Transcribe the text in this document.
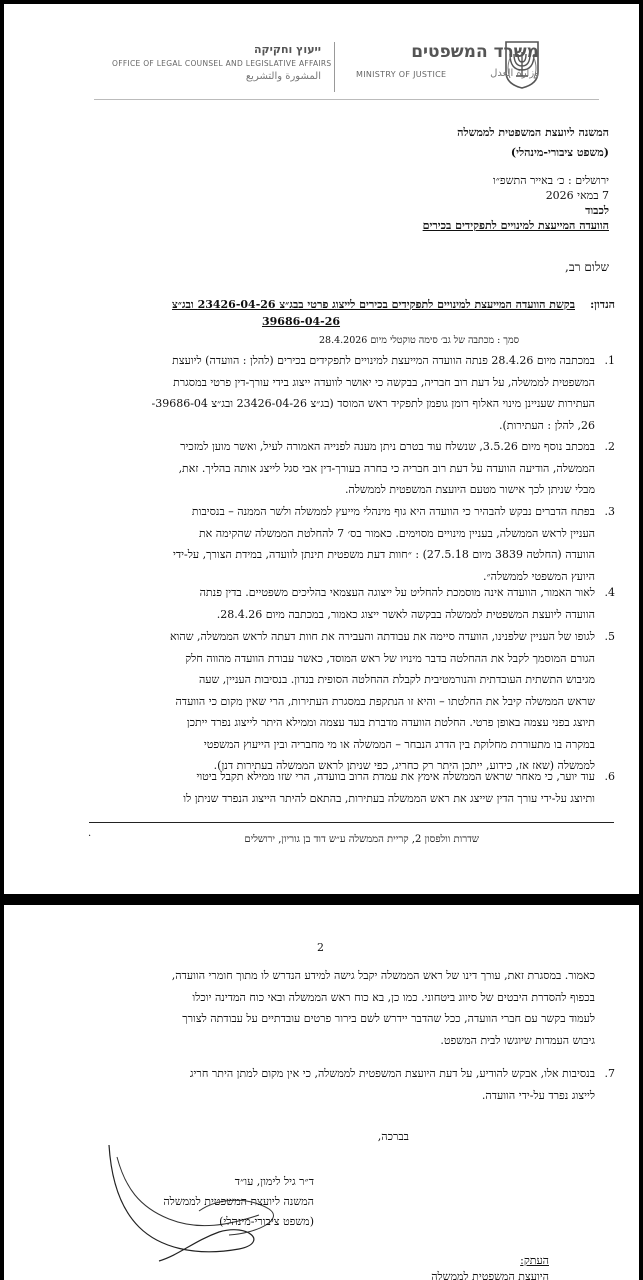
משרד המשפטים
MINISTRY OF JUSTICE	وزارة العدل
ייעוץ וחקיקה
OFFICE OF LEGAL COUNSEL AND LEGISLATIVE AFFAIRS
المشورة والتشريع
המשנה ליועצת המשפטית לממשלה
(משפט ציבורי-מינהלי)
ירושלים : כ׳ באייר התשפ״ו
7 במאי 2026
לכבוד
הוועדה המייעצת למינויים לתפקידים בכירים
שלום רב,
הנדון:
בקשת הוועדה המייעצת למינויים לתפקידים בכירים לייצוג פרטי בבג״צ 23426-04-26 ובג״צ
39686-04-26
סמך : מכתבה של גב׳ סימה טוקטלי מיום 28.4.2026
.1
במכתבה מיום 28.4.26 פנתה הוועדה המייעצת למינויים לתפקידים בכירים (להלן : הוועדה) ליועצת
המשפטית לממשלה, על דעת רוב חבריה, בבקשה כי יאושר לוועדה ייצוג בידי עורך-דין פרטי במסגרת
העתירות שעניינן מינוי האלוף רומן גופמן לתפקיד ראש המוסד (בג״צ 23426-04-26 ובג״צ 39686-04-
26, להלן : העתירות).
.2
במכתב נוסף מיום 3.5.26, שנשלח עוד בטרם ניתן מענה לפנייה האמורה לעיל, ואשר מוען למזכיר
הממשלה, הודיעה הוועדה על דעת רוב חבריה כי בחרה בעורך-דין אבי סגל לייצג אותה בהליך. זאת,
מבלי שניתן לכך אישור מטעם היועצת המשפטית לממשלה.
.3
בפתח הדברים נבקש להבהיר כי הוועדה היא גוף מינהלי מייעץ לממשלה ולשר הממנה – בנסיבות
העניין לראש הממשלה, בעניין מינויים מסוימים. כאמור בס׳ 7 להחלטת הממשלה שהקימה את
הוועדה (החלטה 3839 מיום 27.5.18) : ״חוות דעת משפטית תינתן לוועדה, במידת הצורך, על-ידי
היועץ המשפטי לממשלה״.
.4
לאור האמור, הוועדה אינה מוסמכת להחליט על ייצוגה העצמאי בהליכים משפטיים. בדין פנתה
הוועדה ליועצת המשפטית לממשלה בבקשה לאשר ייצוג כאמור, במכתבה מיום 28.4.26.
.5
לגופו של העניין שלפנינו, הוועדה סיימה את עבודתה והעבירה את חוות דעתה לראש הממשלה, שהוא
הגורם המוסמך לקבל את ההחלטה בדבר מינויו של ראש המוסד, כאשר עבודת הוועדה מהווה חלק
מגיבוש התשתית העובדתית והנורמטיבית לקבלת ההחלטה הסופית בנדון. בנסיבות העניין, שעה
שראש הממשלה קיבל את החלטתו – והיא זו הנתקפת במסגרת העתירות, הרי שאין מקום כי הוועדה
תיוצג בפני עצמה באופן פרטי. החלטת הוועדה מדברת בעד עצמה וממילא היתר לייצוג נפרד ייתכן
במקרה בו מתעוררת מחלוקת בין הדרג הנבחר – הממשלה או מי מחבריה ובין הייעוץ המשפטי
לממשלה (שאז אז, כידוע, ייתכן היתר רק כחריג, כפי שניתן לראש הממשלה בעתירות דנן).
.6
עוד יוער, כי מאחר שראש הממשלה אימץ את עמדת הרוב בוועדה, הרי שזו ממילא תקבל ביטוי
ותיוצג על-ידי עורך הדין שייצג את ראש הממשלה בעתירות, בהתאם להיתר הייצוג הנפרד שניתן לו
.
שדרות וולפסון 2, קריית הממשלה ע״ש דוד בן גוריון, ירושלים
2
כאמור. במסגרת זאת, עורך דינו של ראש הממשלה יקבל גישה למידע הנדרש לו מתוך חומרי הוועדה,
בכפוף להסדרת היבטים של סיווג ביטחוני. כמו כן, בא כוח ראש הממשלה ובאי כוח המדינה יוכלו
לעמוד בקשר עם חברי הוועדה, ככל שהדבר יידרש לשם בירור פרטים עובדתיים על עבודתה לצורך
גיבוש העמדות שיוגשו לבית המשפט.
.7
בנסיבות אלו, אבקש להודיע, על דעת היועצת המשפטית לממשלה, כי אין מקום למתן היתר חריג
לייצוג נפרד על-ידי הוועדה.
בברכה,
ד״ר גיל לימון, עו״ד
המשנה ליועצת המשפטית לממשלה
(משפט ציבורי-מינהלי)
העתק:
היועצת המשפטית לממשלה
